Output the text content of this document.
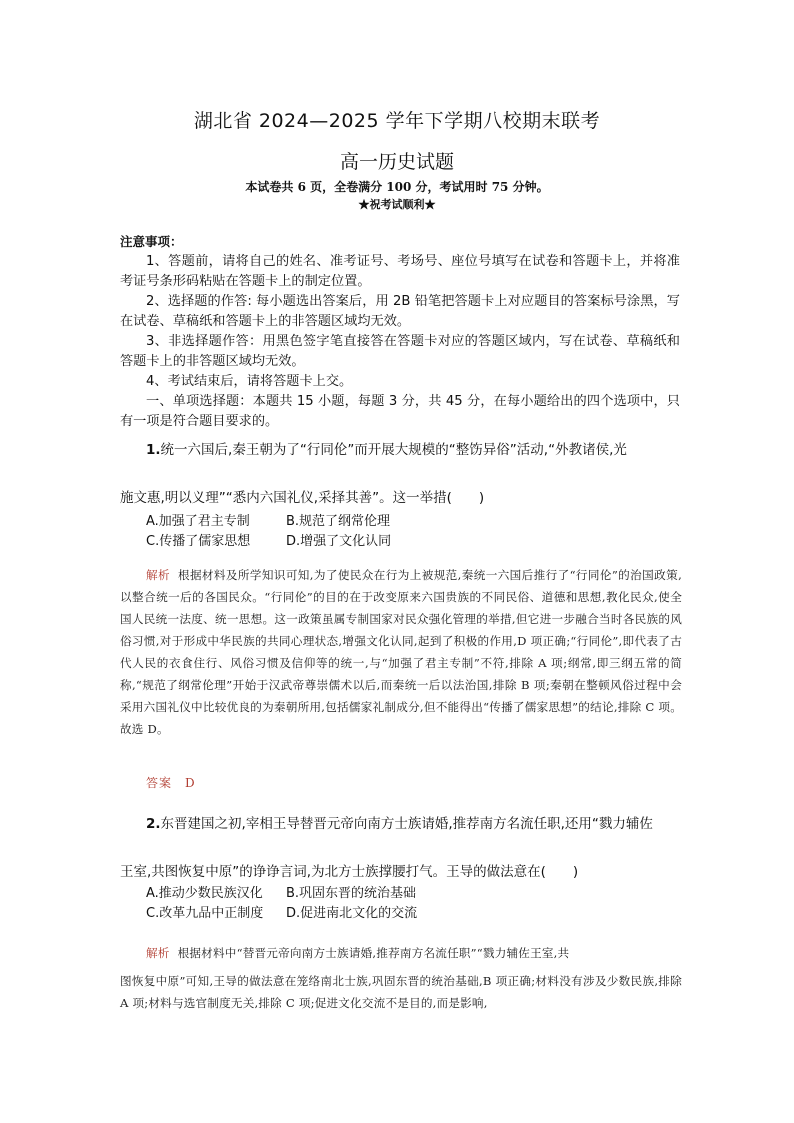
湖北省 2024—2025 学年下学期八校期末联考
高一历史试题
本试卷共 6 页，全卷满分 100 分，考试用时 75 分钟。
★祝考试顺利★
注意事项：

1、答题前，请将自己的姓名、准考证号、考场号、座位号填写在试卷和答题卡上，并将准考证号条形码粘贴在答题卡上的制定位置。

2、选择题的作答: 每小题选出答案后，用 2B 铅笔把答题卡上对应题目的答案标号涂黑，写在试卷、草稿纸和答题卡上的非答题区域均无效。

3、非选择题作答：用黑色签字笔直接答在答题卡对应的答题区域内，写在试卷、草稿纸和答题卡上的非答题区域均无效。

4、考试结束后，请将答题卡上交。

一、单项选择题：本题共 15 小题，每题 3 分，共 45 分，在每小题给出的四个选项中，只有一项是符合题目要求的。

1.统一六国后,秦王朝为了“行同伦”而开展大规模的“整饬异俗”活动,“外教诸侯,光
施文惠,明以义理”“悉内六国礼仪,采择其善”。这一举措(　　)
A.加强了君主专制	B.规范了纲常伦理
C.传播了儒家思想	D.增强了文化认同
解析 根据材料及所学知识可知,为了使民众在行为上被规范,秦统一六国后推行了“行同伦”的治国政策,以整合统一后的各国民众。“行同伦”的目的在于改变原来六国贵族的不同民俗、道德和思想,教化民众,使全国人民统一法度、统一思想。这一政策虽属专制国家对民众强化管理的举措,但它进一步融合当时各民族的风俗习惯,对于形成中华民族的共同心理状态,增强文化认同,起到了积极的作用,D 项正确;“行同伦”,即代表了古代人民的衣食住行、风俗习惯及信仰等的统一,与“加强了君主专制”不符,排除 A 项;纲常,即三纲五常的简称,“规范了纲常伦理”开始于汉武帝尊崇儒术以后,而秦统一后以法治国,排除 B 项;秦朝在整顿风俗过程中会采用六国礼仪中比较优良的为秦朝所用,包括儒家礼制成分,但不能得出“传播了儒家思想”的结论,排除 C 项。故选 D。
答案　D
2.东晋建国之初,宰相王导替晋元帝向南方士族请婚,推荐南方名流任职,还用“戮力辅佐
王室,共图恢复中原”的诤诤言词,为北方士族撑腰打气。王导的做法意在(　　)
A.推动少数民族汉化	B.巩固东晋的统治基础
C.改革九品中正制度	D.促进南北文化的交流
解析 根据材料中“替晋元帝向南方士族请婚,推荐南方名流任职”“戮力辅佐王室,共
图恢复中原”可知,王导的做法意在笼络南北士族,巩固东晋的统治基础,B 项正确;材料没有涉及少数民族,排除 A 项;材料与选官制度无关,排除 C 项;促进文化交流不是目的,而是影响,
